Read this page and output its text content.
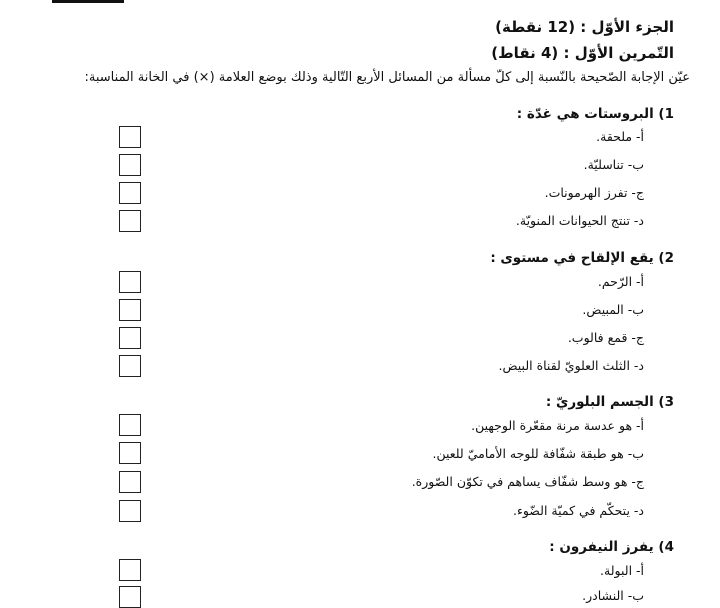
الجزء الأوّل : (12 نقطة)
التّمرين الأوّل : (4 نقاط)
عيّن الإجابة الصّحيحة بالنّسبة إلى كلّ مسألة من المسائل الأربع التّالية وذلك بوضع العلامة (×) في الخانة المناسبة:
1) البروستات هي غدّة :
أ- ملحقة.
ب- تناسليّة.
ج- تفرز الهرمونات.
د- تنتج الحيوانات المنويّة.
2) يقع الإلقاح في مستوى :
أ- الرّحم.
ب- المبيض.
ج- قمع فالوب.
د- الثلث العلويّ لقناة البيض.
3) الجسم البلوريّ :
أ- هو عدسة مرنة مقعّرة الوجهين.
ب- هو طبقة شفّافة للوجه الأماميّ للعين.
ج- هو وسط شفّاف يساهم في تكوّن الصّورة.
د- يتحكّم في كميّة الضّوء.
4) يفرز النيفرون :
أ- البولة.
ب- النشادر.
